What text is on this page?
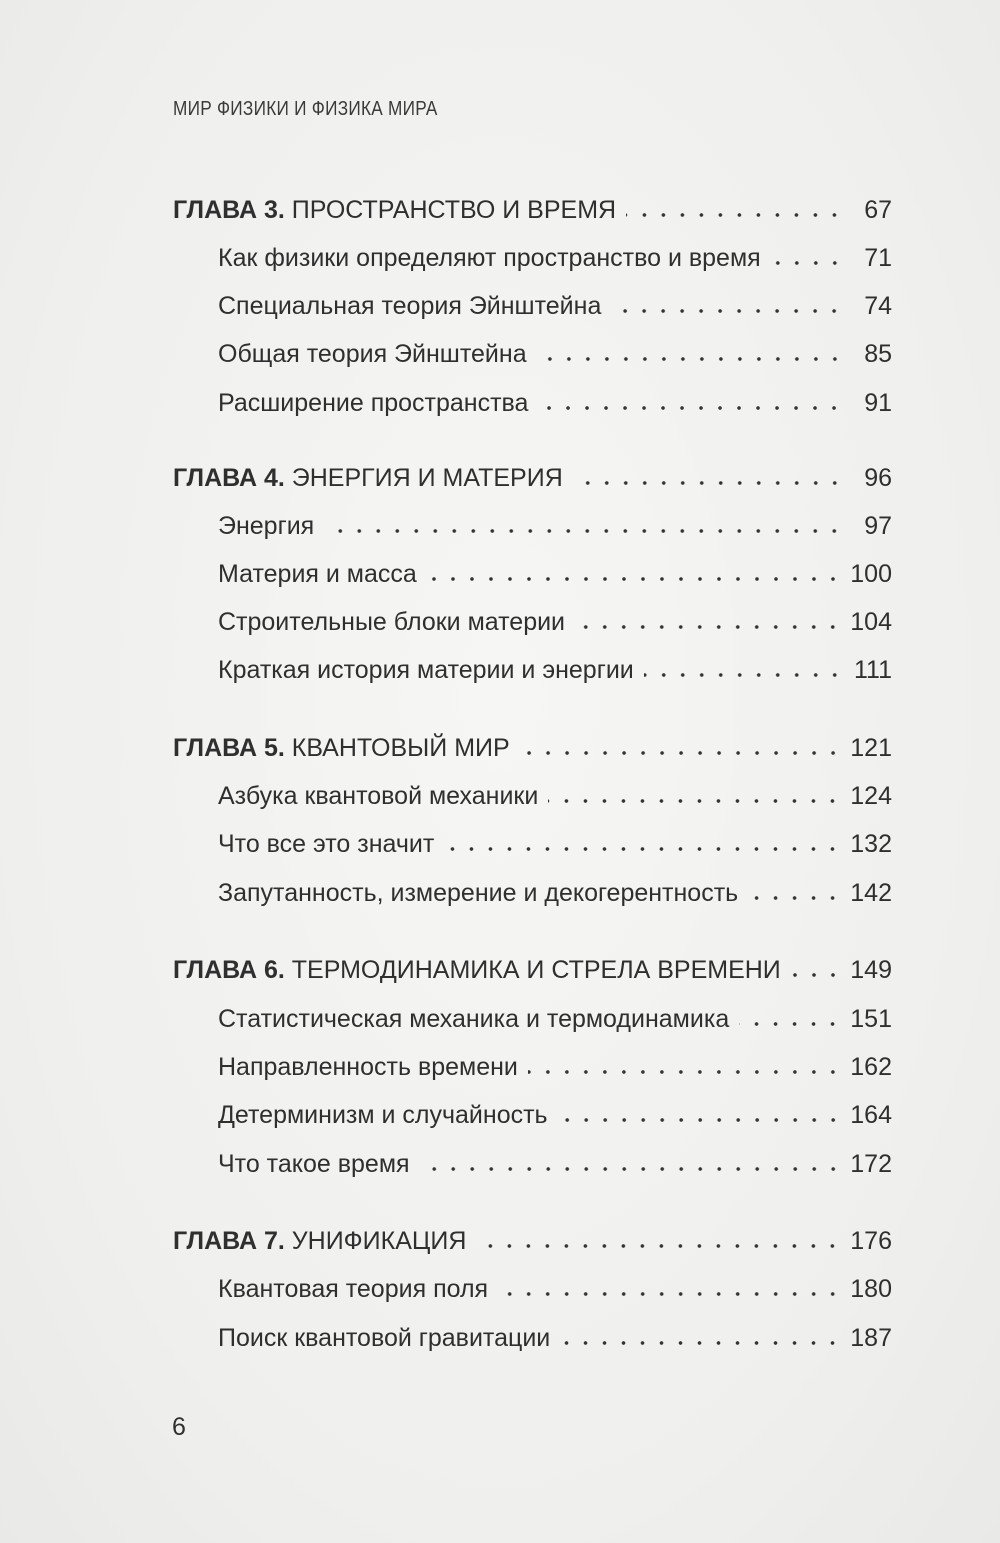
МИР ФИЗИКИ И ФИЗИКА МИРА
ГЛАВА 3. ПРОСТРАНСТВО И ВРЕМЯ	67
Как физики определяют пространство и время	71
Специальная теория Эйнштейна	74
Общая теория Эйнштейна	85
Расширение пространства	91
ГЛАВА 4. ЭНЕРГИЯ И МАТЕРИЯ	96
Энергия	97
Материя и масса	100
Строительные блоки материи	104
Краткая история материи и энергии	111
ГЛАВА 5. КВАНТОВЫЙ МИР	121
Азбука квантовой механики	124
Что все это значит	132
Запутанность, измерение и декогерентность	142
ГЛАВА 6. ТЕРМОДИНАМИКА И СТРЕЛА ВРЕМЕНИ	149
Статистическая механика и термодинамика	151
Направленность времени	162
Детерминизм и случайность	164
Что такое время	172
ГЛАВА 7. УНИФИКАЦИЯ	176
Квантовая теория поля	180
Поиск квантовой гравитации	187
6
